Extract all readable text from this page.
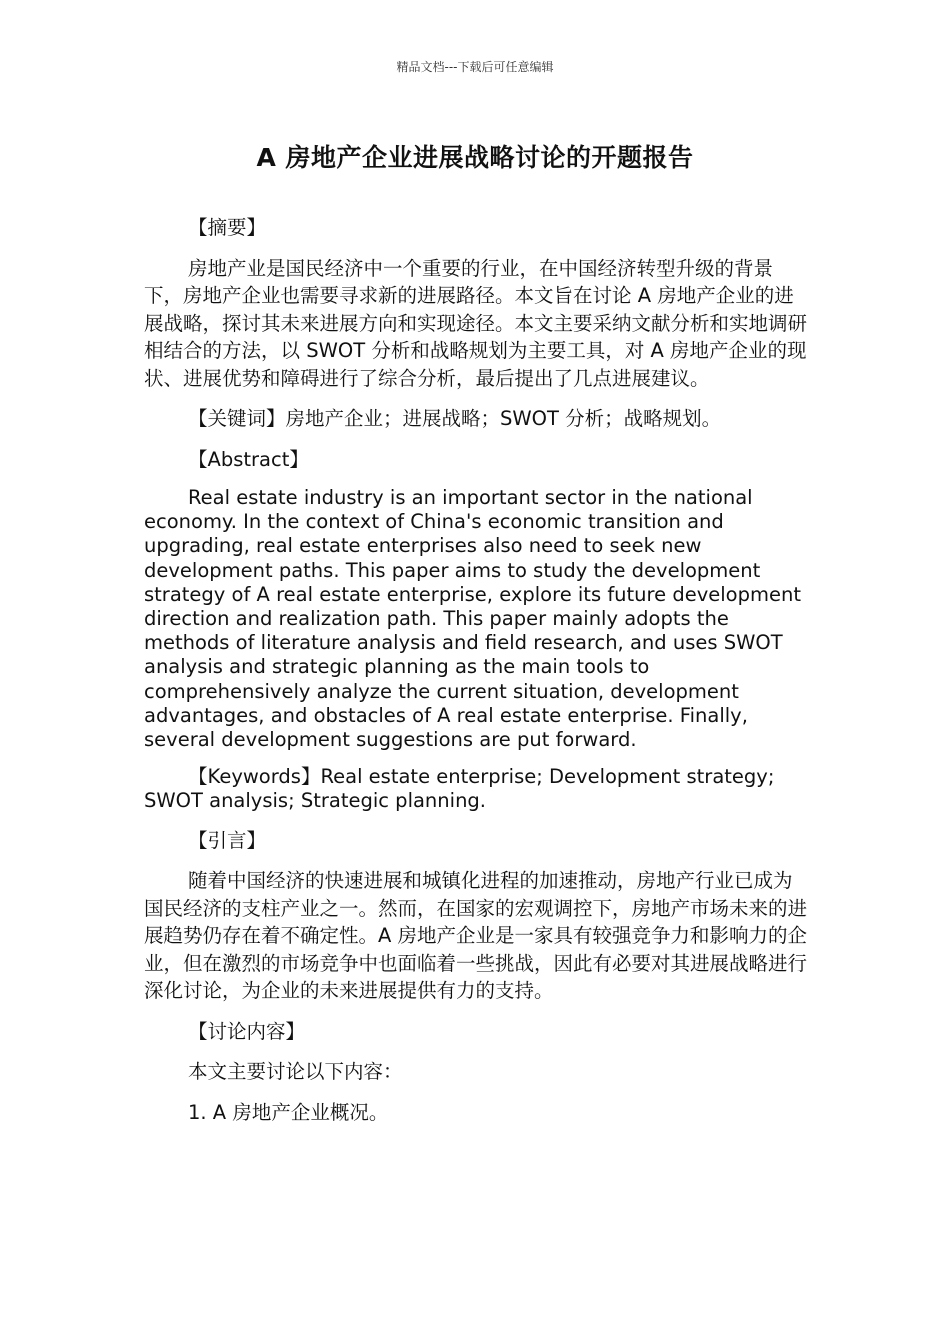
精品文档---下载后可任意编辑
A 房地产企业进展战略讨论的开题报告

【摘要】

房地产业是国民经济中一个重要的行业，在中国经济转型升级的背景下，房地产企业也需要寻求新的进展路径。本文旨在讨论 A 房地产企业的进展战略，探讨其未来进展方向和实现途径。本文主要采纳文献分析和实地调研相结合的方法，以 SWOT 分析和战略规划为主要工具，对 A 房地产企业的现状、进展优势和障碍进行了综合分析，最后提出了几点进展建议。

【关键词】房地产企业；进展战略；SWOT 分析；战略规划。

【Abstract】

Real estate industry is an important sector in the national economy. In the context of China's economic transition and upgrading, real estate enterprises also need to seek new development paths. This paper aims to study the development strategy of A real estate enterprise, explore its future development direction and realization path. This paper mainly adopts the methods of literature analysis and field research, and uses SWOT analysis and strategic planning as the main tools to comprehensively analyze the current situation, development advantages, and obstacles of A real estate enterprise. Finally, several development suggestions are put forward.

【Keywords】Real estate enterprise; Development strategy; SWOT analysis; Strategic planning.

【引言】

随着中国经济的快速进展和城镇化进程的加速推动，房地产行业已成为国民经济的支柱产业之一。然而，在国家的宏观调控下，房地产市场未来的进展趋势仍存在着不确定性。A 房地产企业是一家具有较强竞争力和影响力的企业，但在激烈的市场竞争中也面临着一些挑战，因此有必要对其进展战略进行深化讨论，为企业的未来进展提供有力的支持。

【讨论内容】

本文主要讨论以下内容：

1. A 房地产企业概况。
